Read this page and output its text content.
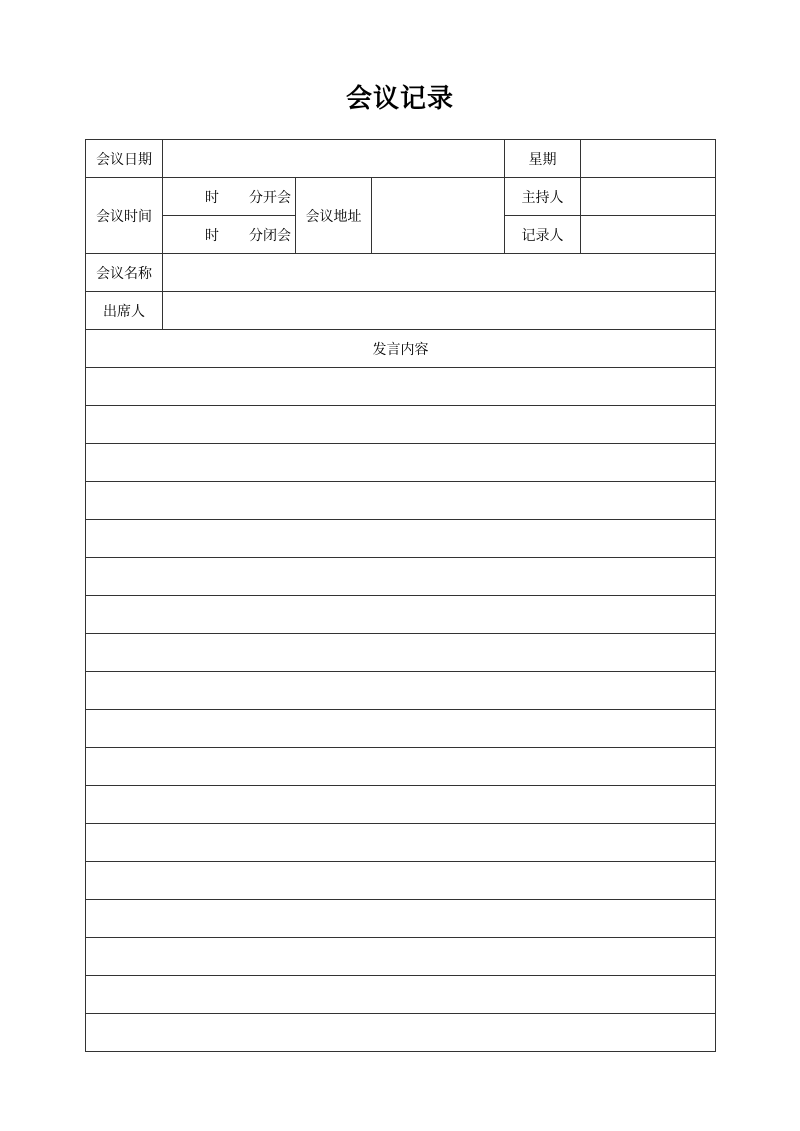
会议记录
会议日期				星期	
会议时间	时 分开会	会议地址		主持人	
	时 分闭会			记录人	
会议名称					
出席人					
发言内容					
